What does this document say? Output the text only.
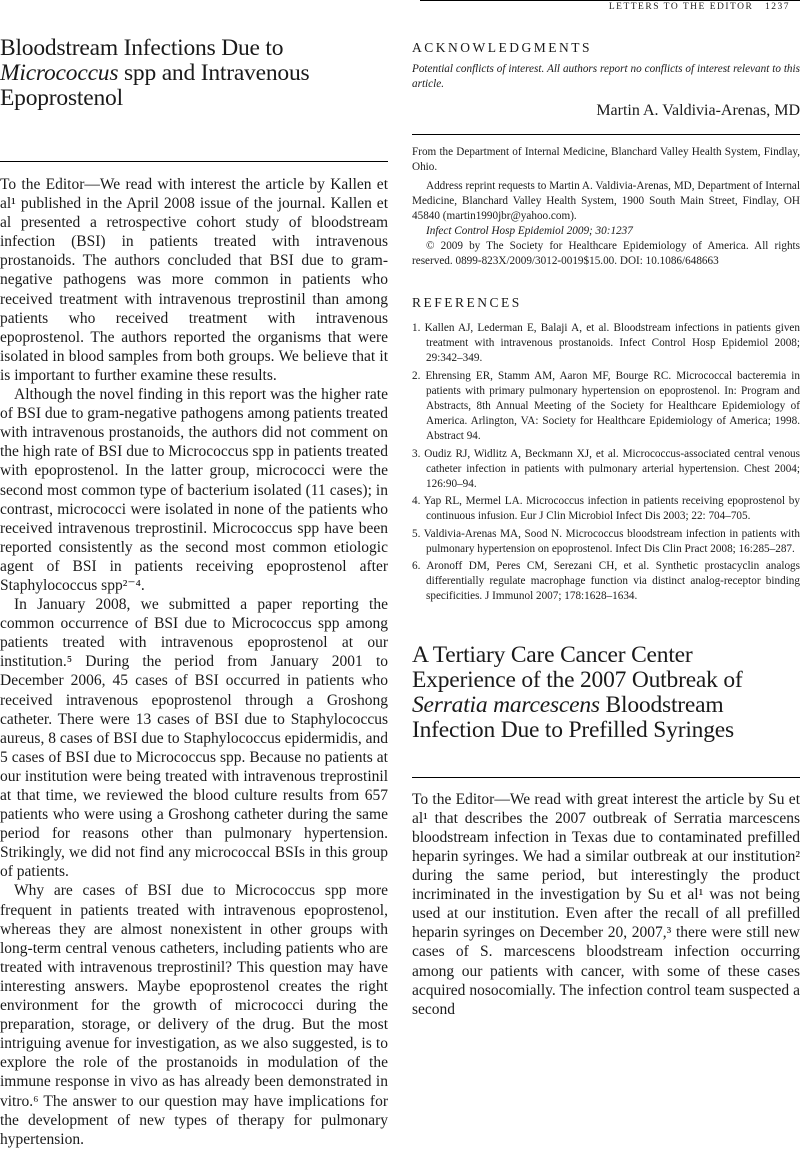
LETTERS TO THE EDITOR 1237
Bloodstream Infections Due to Micrococcus spp and Intravenous Epoprostenol

To the Editor—We read with interest the article by Kallen et al¹ published in the April 2008 issue of the journal. Kallen et al presented a retrospective cohort study of bloodstream infection (BSI) in patients treated with intravenous prostanoids. The authors concluded that BSI due to gram-negative pathogens was more common in patients who received treatment with intravenous treprostinil than among patients who received treatment with intravenous epoprostenol. The authors reported the organisms that were isolated in blood samples from both groups. We believe that it is important to further examine these results.

Although the novel finding in this report was the higher rate of BSI due to gram-negative pathogens among patients treated with intravenous prostanoids, the authors did not comment on the high rate of BSI due to Micrococcus spp in patients treated with epoprostenol. In the latter group, micrococci were the second most common type of bacterium isolated (11 cases); in contrast, micrococci were isolated in none of the patients who received intravenous treprostinil. Micrococcus spp have been reported consistently as the second most common etiologic agent of BSI in patients receiving epoprostenol after Staphylococcus spp²⁻⁴.

In January 2008, we submitted a paper reporting the common occurrence of BSI due to Micrococcus spp among patients treated with intravenous epoprostenol at our institution.⁵ During the period from January 2001 to December 2006, 45 cases of BSI occurred in patients who received intravenous epoprostenol through a Groshong catheter. There were 13 cases of BSI due to Staphylococcus aureus, 8 cases of BSI due to Staphylococcus epidermidis, and 5 cases of BSI due to Micrococcus spp. Because no patients at our institution were being treated with intravenous treprostinil at that time, we reviewed the blood culture results from 657 patients who were using a Groshong catheter during the same period for reasons other than pulmonary hypertension. Strikingly, we did not find any micrococcal BSIs in this group of patients.

Why are cases of BSI due to Micrococcus spp more frequent in patients treated with intravenous epoprostenol, whereas they are almost nonexistent in other groups with long-term central venous catheters, including patients who are treated with intravenous treprostinil? This question may have interesting answers. Maybe epoprostenol creates the right environment for the growth of micrococci during the preparation, storage, or delivery of the drug. But the most intriguing avenue for investigation, as we also suggested, is to explore the role of the prostanoids in modulation of the immune response in vivo as has already been demonstrated in vitro.⁶ The answer to our question may have implications for the development of new types of therapy for pulmonary hypertension.

ACKNOWLEDGMENTS

Potential conflicts of interest. All authors report no conflicts of interest relevant to this article.

Martin A. Valdivia-Arenas, MD

From the Department of Internal Medicine, Blanchard Valley Health System, Findlay, Ohio.

Address reprint requests to Martin A. Valdivia-Arenas, MD, Department of Internal Medicine, Blanchard Valley Health System, 1900 South Main Street, Findlay, OH 45840 (martin1990jbr@yahoo.com).

Infect Control Hosp Epidemiol 2009; 30:1237

© 2009 by The Society for Healthcare Epidemiology of America. All rights reserved. 0899-823X/2009/3012-0019$15.00. DOI: 10.1086/648663

REFERENCES
1. Kallen AJ, Lederman E, Balaji A, et al. Bloodstream infections in patients given treatment with intravenous prostanoids. Infect Control Hosp Epidemiol 2008; 29:342–349.
2. Ehrensing ER, Stamm AM, Aaron MF, Bourge RC. Micrococcal bacteremia in patients with primary pulmonary hypertension on epoprostenol. In: Program and Abstracts, 8th Annual Meeting of the Society for Healthcare Epidemiology of America. Arlington, VA: Society for Healthcare Epidemiology of America; 1998. Abstract 94.
3. Oudiz RJ, Widlitz A, Beckmann XJ, et al. Micrococcus-associated central venous catheter infection in patients with pulmonary arterial hypertension. Chest 2004; 126:90–94.
4. Yap RL, Mermel LA. Micrococcus infection in patients receiving epoprostenol by continuous infusion. Eur J Clin Microbiol Infect Dis 2003; 22: 704–705.
5. Valdivia-Arenas MA, Sood N. Micrococcus bloodstream infection in patients with pulmonary hypertension on epoprostenol. Infect Dis Clin Pract 2008; 16:285–287.
6. Aronoff DM, Peres CM, Serezani CH, et al. Synthetic prostacyclin analogs differentially regulate macrophage function via distinct analog-receptor binding specificities. J Immunol 2007; 178:1628–1634.
A Tertiary Care Cancer Center Experience of the 2007 Outbreak of Serratia marcescens Bloodstream Infection Due to Prefilled Syringes

To the Editor—We read with great interest the article by Su et al¹ that describes the 2007 outbreak of Serratia marcescens bloodstream infection in Texas due to contaminated prefilled heparin syringes. We had a similar outbreak at our institution² during the same period, but interestingly the product incriminated in the investigation by Su et al¹ was not being used at our institution. Even after the recall of all prefilled heparin syringes on December 20, 2007,³ there were still new cases of S. marcescens bloodstream infection occurring among our patients with cancer, with some of these cases acquired nosocomially. The infection control team suspected a second
